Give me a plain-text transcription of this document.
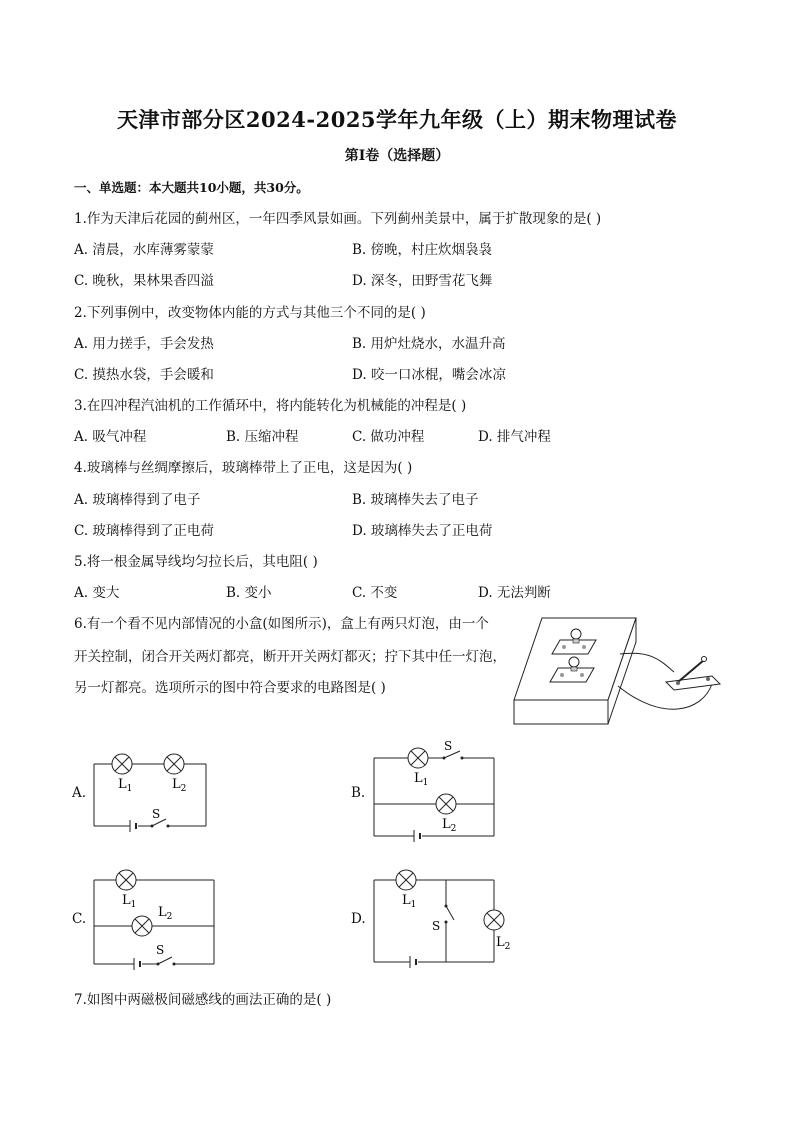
天津市部分区2024-2025学年九年级（上）期末物理试卷
第I卷（选择题）
一、单选题：本大题共10小题，共30分。
1.作为天津后花园的蓟州区，一年四季风景如画。下列蓟州美景中，属于扩散现象的是( )
A. 清晨，水库薄雾蒙蒙	B. 傍晚，村庄炊烟袅袅
C. 晚秋，果林果香四溢	D. 深冬，田野雪花飞舞
2.下列事例中，改变物体内能的方式与其他三个不同的是( )
A. 用力搓手，手会发热	B. 用炉灶烧水，水温升高
C. 摸热水袋，手会暖和	D. 咬一口冰棍，嘴会冰凉
3.在四冲程汽油机的工作循环中，将内能转化为机械能的冲程是( )
A. 吸气冲程	B. 压缩冲程	C. 做功冲程	D. 排气冲程
4.玻璃棒与丝绸摩擦后，玻璃棒带上了正电，这是因为( )
A. 玻璃棒得到了电子	B. 玻璃棒失去了电子
C. 玻璃棒得到了正电荷	D. 玻璃棒失去了正电荷
5.将一根金属导线均匀拉长后，其电阻( )
A. 变大	B. 变小	C. 不变	D. 无法判断
6.有一个看不见内部情况的小盒(如图所示)，盒上有两只灯泡，由一个
开关控制，闭合开关两灯都亮，断开开关两灯都灭；拧下其中任一灯泡，
另一灯都亮。选项所示的图中符合要求的电路图是( )
A.
$L_1$	$L_2$
S
B.
S
$L_1$
$L_2$
C.
$L_1$ $L_2$
S
D.
$L_1$
S
$L_2$
7.如图中两磁极间磁感线的画法正确的是( )
